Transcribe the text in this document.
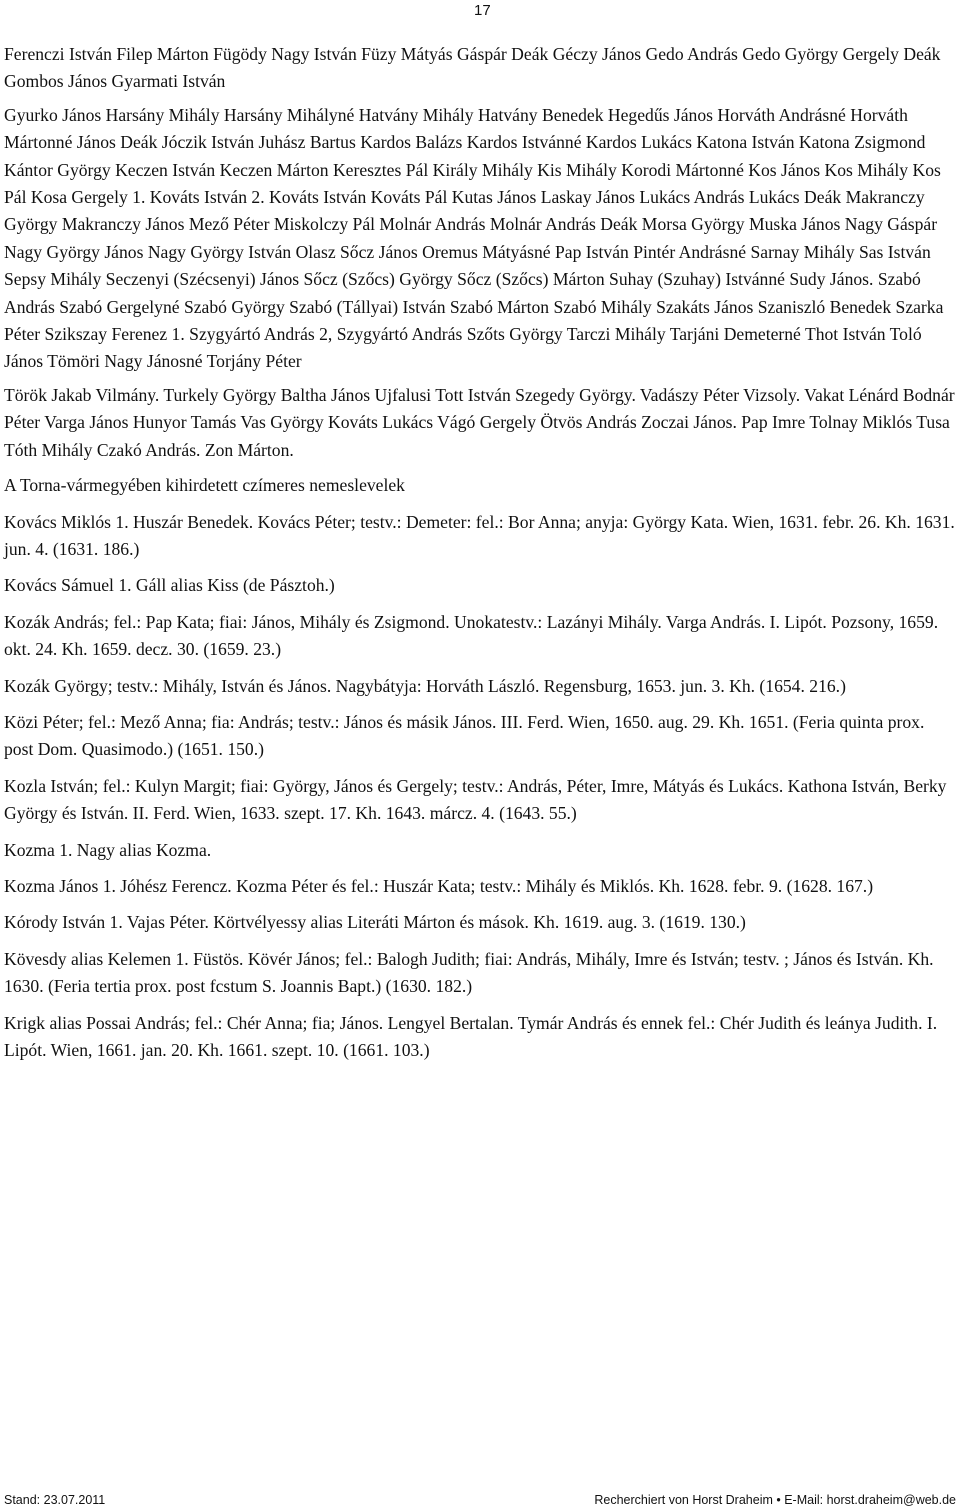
17

Ferenczi István Filep Márton Fügödy Nagy István Füzy Mátyás Gáspár Deák Géczy János Gedo András Gedo György Gergely Deák Gombos János Gyarmati István

Gyurko János Harsány Mihály Harsány Mihályné Hatvány Mihály Hatvány Benedek Hegedűs János Horváth Andrásné Horváth Mártonné János Deák Jóczik István Juhász Bartus Kardos Balázs Kardos Istvánné Kardos Lukács Katona István Katona Zsigmond Kántor György Keczen István Keczen Márton Keresztes Pál Király Mihály Kis Mihály Korodi Mártonné Kos János Kos Mihály Kos Pál Kosa Gergely 1. Kováts István 2. Kováts István Kováts Pál Kutas János Laskay János Lukács András Lukács Deák Makranczy György Makranczy János Mező Péter Miskolczy Pál Molnár András Molnár András Deák Morsa György Muska János Nagy Gáspár Nagy György János Nagy György István Olasz Sőcz János Oremus Mátyásné Pap István Pintér Andrásné Sarnay Mihály Sas István Sepsy Mihály Seczenyi (Szécsenyi) János Sőcz (Szőcs) György Sőcz (Szőcs) Márton Suhay (Szuhay) Istvánné Sudy János. Szabó András Szabó Gergelyné Szabó György Szabó (Tállyai) István Szabó Márton Szabó Mihály Szakáts János Szaniszló Benedek Szarka Péter Szikszay Ferenez 1. Szygyártó András 2, Szygyártó András Szőts György Tarczi Mihály Tarjáni Demeterné Thot István Toló János Tömöri Nagy Jánosné Torjány Péter

Török Jakab Vilmány. Turkely György Baltha János Ujfalusi Tott István Szegedy György. Vadászy Péter Vizsoly. Vakat Lénárd Bodnár Péter Varga János Hunyor Tamás Vas György Kováts Lukács Vágó Gergely Ötvös András Zoczai János. Pap Imre Tolnay Miklós Tusa Tóth Mihály Czakó András. Zon Márton.

A Torna-vármegyében kihirdetett czímeres nemeslevelek

Kovács Miklós 1. Huszár Benedek. Kovács Péter; testv.: Demeter: fel.: Bor Anna; anyja: György Kata. Wien, 1631. febr. 26. Kh. 1631. jun. 4. (1631. 186.)

Kovács Sámuel 1. Gáll alias Kiss (de Pásztoh.)

Kozák András; fel.: Pap Kata; fiai: János, Mihály és Zsigmond. Unokatestv.: Lazányi Mihály. Varga András. I. Lipót. Pozsony, 1659. okt. 24. Kh. 1659. decz. 30. (1659. 23.)

Kozák György; testv.: Mihály, István és János. Nagybátyja: Horváth László. Regensburg, 1653. jun. 3. Kh. (1654. 216.)

Közi Péter; fel.: Mező Anna; fia: András; testv.: János és másik János. III. Ferd. Wien, 1650. aug. 29. Kh. 1651. (Feria quinta prox. post Dom. Quasimodo.) (1651. 150.)

Kozla István; fel.: Kulyn Margit; fiai: György, János és Gergely; testv.: András, Péter, Imre, Mátyás és Lukács. Kathona István, Berky György és István. II. Ferd. Wien, 1633. szept. 17. Kh. 1643. márcz. 4. (1643. 55.)

Kozma 1. Nagy alias Kozma.

Kozma János 1. Jóhész Ferencz. Kozma Péter és fel.: Huszár Kata; testv.: Mihály és Miklós. Kh. 1628. febr. 9. (1628. 167.)

Kórody István 1. Vajas Péter. Körtvélyessy alias Literáti Márton és mások. Kh. 1619. aug. 3. (1619. 130.)

Kövesdy alias Kelemen 1. Füstös. Kövér János; fel.: Balogh Judith; fiai: András, Mihály, Imre és István; testv. ; János és István. Kh. 1630. (Feria tertia prox. post fcstum S. Joannis Bapt.) (1630. 182.)

Krigk alias Possai András; fel.: Chér Anna; fia; János. Lengyel Bertalan. Tymár András és ennek fel.: Chér Judith és leánya Judith. I. Lipót. Wien, 1661. jan. 20. Kh. 1661. szept. 10. (1661. 103.)

Stand: 23.07.2011	Recherchiert von Horst Draheim • E-Mail: horst.draheim@web.de
